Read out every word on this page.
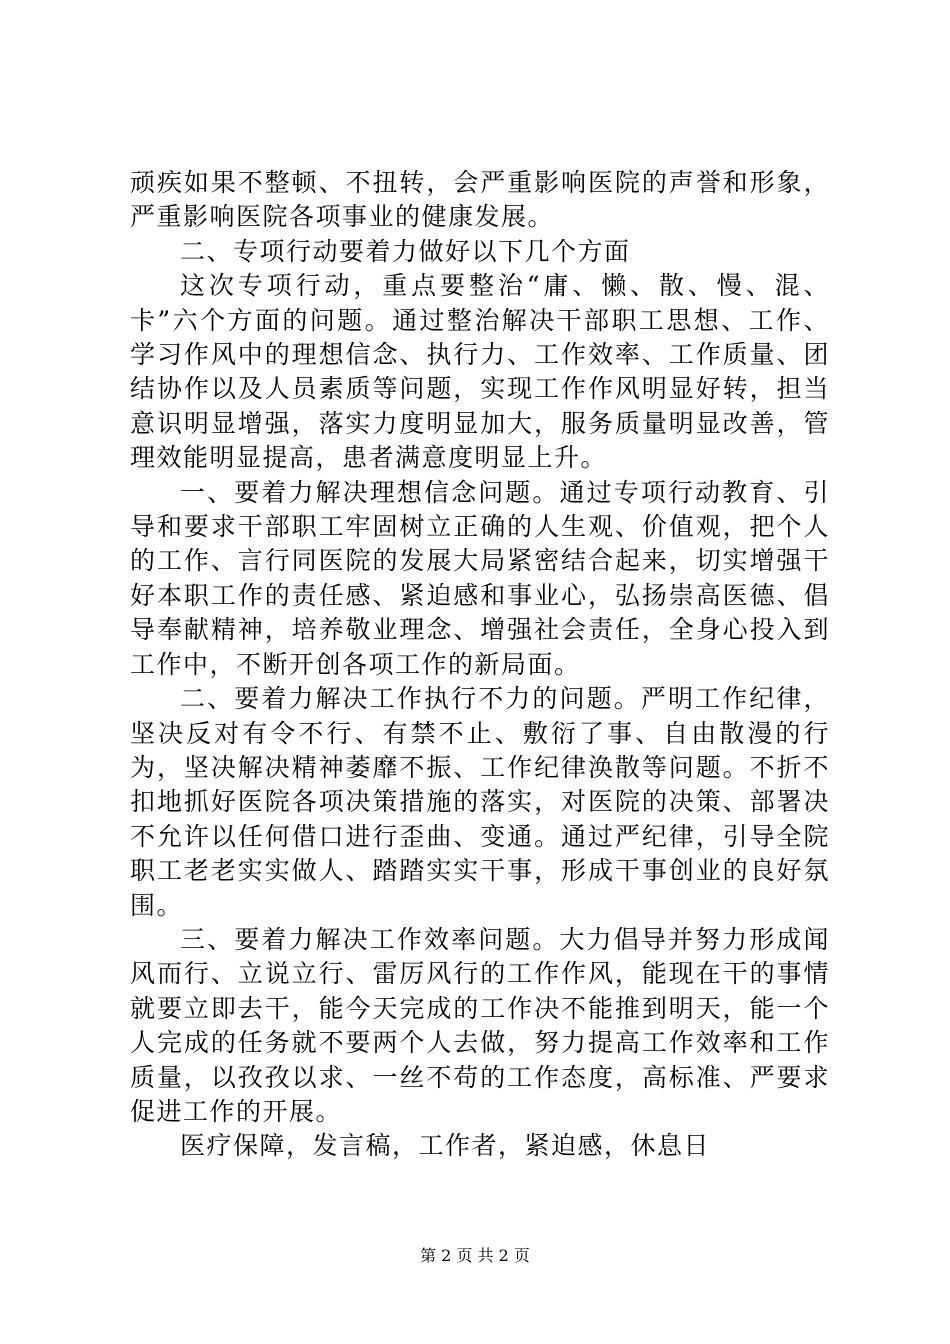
顽疾如果不整顿、不扭转，会严重影响医院的声誉和形象，严重影响医院各项事业的健康发展。

二、专项行动要着力做好以下几个方面

这次专项行动，重点要整治“庸、懒、散、慢、混、卡”六个方面的问题。通过整治解决干部职工思想、工作、学习作风中的理想信念、执行力、工作效率、工作质量、团结协作以及人员素质等问题，实现工作作风明显好转，担当意识明显增强，落实力度明显加大，服务质量明显改善，管理效能明显提高，患者满意度明显上升。

一、要着力解决理想信念问题。通过专项行动教育、引导和要求干部职工牢固树立正确的人生观、价值观，把个人的工作、言行同医院的发展大局紧密结合起来，切实增强干好本职工作的责任感、紧迫感和事业心，弘扬崇高医德、倡导奉献精神，培养敬业理念、增强社会责任，全身心投入到工作中，不断开创各项工作的新局面。

二、要着力解决工作执行不力的问题。严明工作纪律，坚决反对有令不行、有禁不止、敷衍了事、自由散漫的行为，坚决解决精神萎靡不振、工作纪律涣散等问题。不折不扣地抓好医院各项决策措施的落实，对医院的决策、部署决不允许以任何借口进行歪曲、变通。通过严纪律，引导全院职工老老实实做人、踏踏实实干事，形成干事创业的良好氛围。

三、要着力解决工作效率问题。大力倡导并努力形成闻风而行、立说立行、雷厉风行的工作作风，能现在干的事情就要立即去干，能今天完成的工作决不能推到明天，能一个人完成的任务就不要两个人去做，努力提高工作效率和工作质量，以孜孜以求、一丝不苟的工作态度，高标准、严要求促进工作的开展。

医疗保障，发言稿，工作者，紧迫感，休息日

第 2 页 共 2 页
